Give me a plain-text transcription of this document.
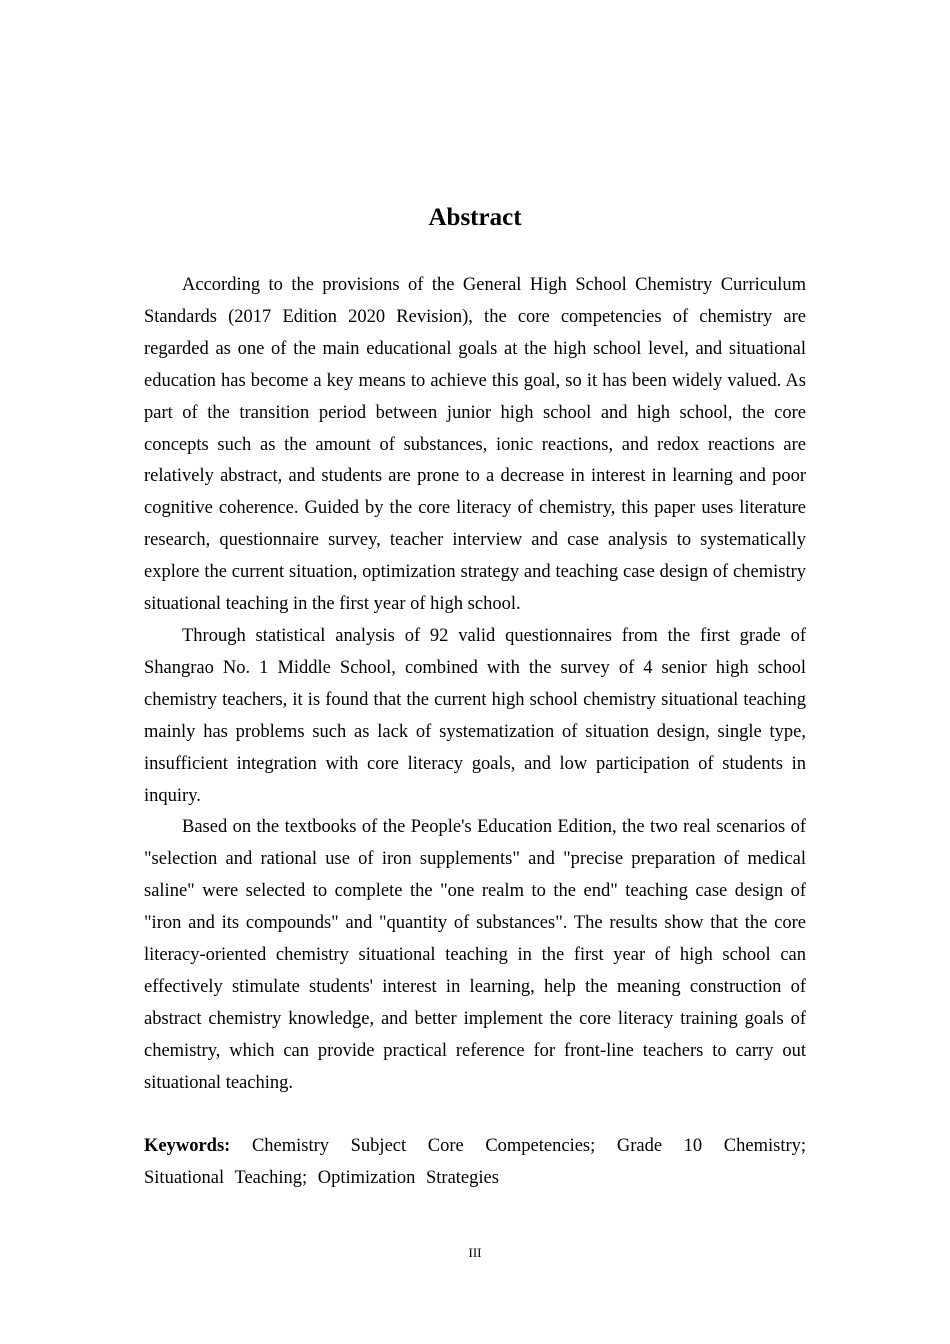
Abstract

According to the provisions of the General High School Chemistry Curriculum Standards (2017 Edition 2020 Revision), the core competencies of chemistry are regarded as one of the main educational goals at the high school level, and situational education has become a key means to achieve this goal, so it has been widely valued. As part of the transition period between junior high school and high school, the core concepts such as the amount of substances, ionic reactions, and redox reactions are relatively abstract, and students are prone to a decrease in interest in learning and poor cognitive coherence. Guided by the core literacy of chemistry, this paper uses literature research, questionnaire survey, teacher interview and case analysis to systematically explore the current situation, optimization strategy and teaching case design of chemistry situational teaching in the first year of high school.

Through statistical analysis of 92 valid questionnaires from the first grade of Shangrao No. 1 Middle School, combined with the survey of 4 senior high school chemistry teachers, it is found that the current high school chemistry situational teaching mainly has problems such as lack of systematization of situation design, single type, insufficient integration with core literacy goals, and low participation of students in inquiry.

Based on the textbooks of the People's Education Edition, the two real scenarios of "selection and rational use of iron supplements" and "precise preparation of medical saline" were selected to complete the "one realm to the end" teaching case design of "iron and its compounds" and "quantity of substances". The results show that the core literacy-oriented chemistry situational teaching in the first year of high school can effectively stimulate students' interest in learning, help the meaning construction of abstract chemistry knowledge, and better implement the core literacy training goals of chemistry, which can provide practical reference for front-line teachers to carry out situational teaching.

Keywords: Chemistry Subject Core Competencies; Grade 10 Chemistry; Situational Teaching; Optimization Strategies

III
